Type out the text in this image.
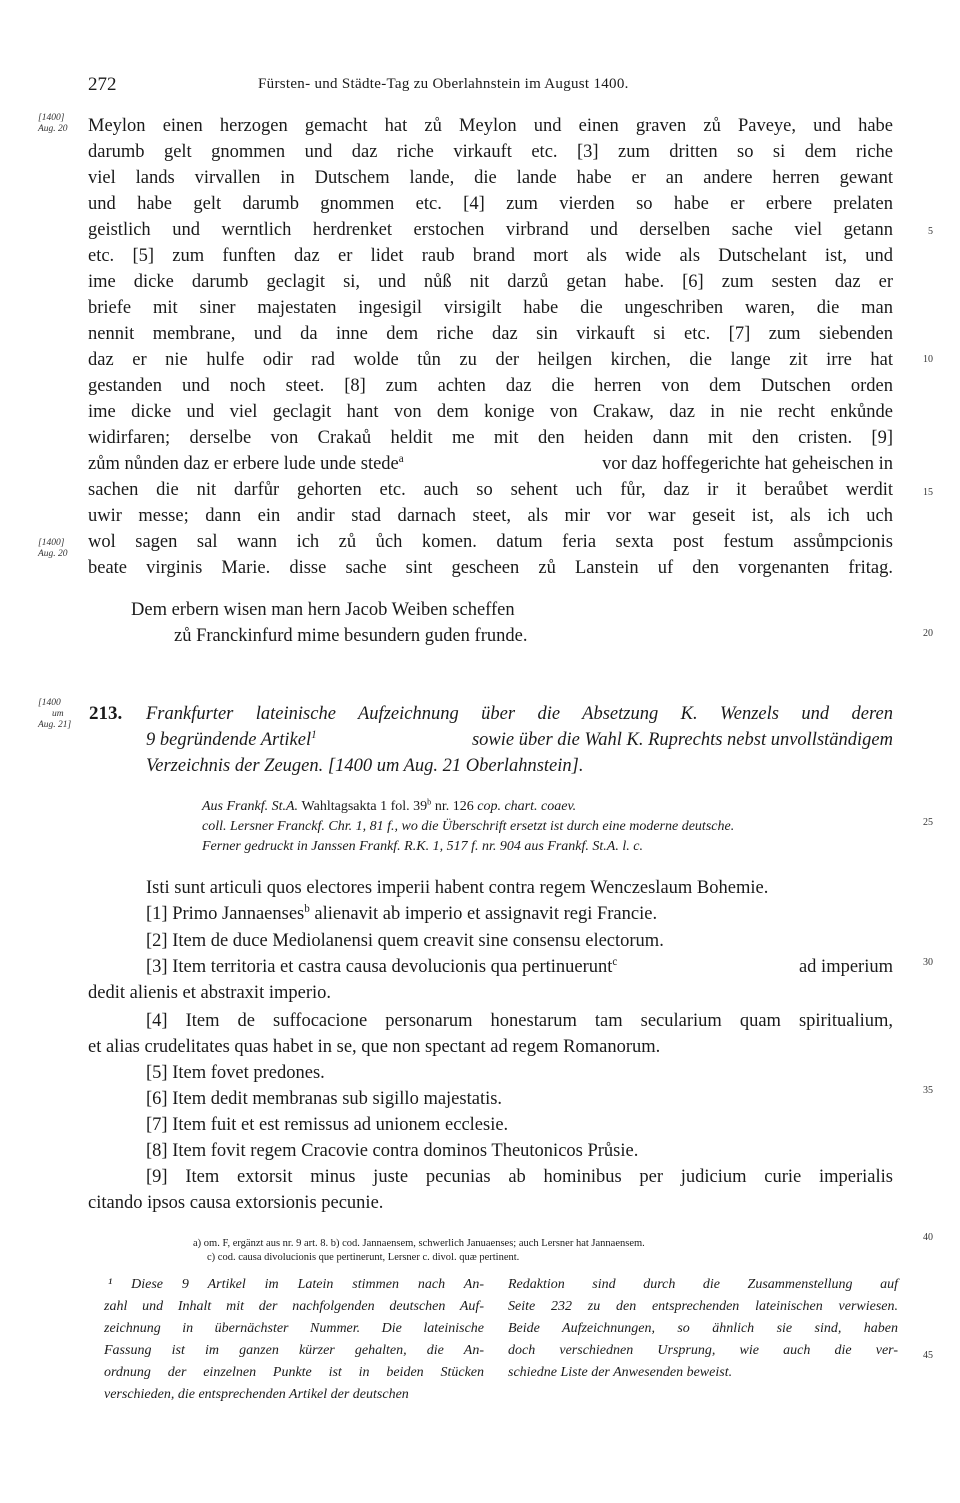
272	Fürsten- und Städte-Tag zu Oberlahnstein im August 1400.
[1400]
Aug. 20
[1400]
Aug. 20
[1400
um
Aug. 21]
5
10
15
20
25
30
35
40
45
Meylon einen herzogen gemacht hat zů Meylon und einen graven zů Paveye, und habe
darumb gelt gnommen und daz riche virkauft etc. [3] zum dritten so si dem riche
viel lands virvallen in Dutschem lande, die lande habe er an andere herren gewant
und habe gelt darumb gnommen etc. [4] zum vierden so habe er erbere prelaten
geistlich und werntlich herdrenket erstochen virbrand und derselben sache viel getann
etc. [5] zum funften daz er lidet raub brand mort als wide als Dutschelant ist, und
ime dicke darumb geclagit si, und nůß nit darzů getan habe. [6] zum sesten daz er
briefe mit siner majestaten ingesigil virsigilt habe die ungeschriben waren, die man
nennit membrane, und da inne dem riche daz sin virkauft si etc. [7] zum siebenden
daz er nie hulfe odir rad wolde tůn zu der heilgen kirchen, die lange zit irre hat
gestanden und noch steet. [8] zum achten daz die herren von dem Dutschen orden
ime dicke und viel geclagit hant von dem konige von Crakaw, daz in nie recht enkůnde
widirfaren; derselbe von Crakaů heldit me mit den heiden dann mit den cristen. [9]
zům nůnden daz er erbere lude unde stede$^a$	vor daz hoffegerichte hat geheischen in
sachen die nit darfůr gehorten etc. auch so sehent uch fůr, daz ir it beraůbet werdit
uwir messe; dann ein andir stad darnach steet, als mir vor war geseit ist, als ich uch
wol sagen sal wann ich zů ůch komen. datum feria sexta post festum assůmpcionis
beate virginis Marie. disse sache sint gescheen zů Lanstein uf den vorgenanten fritag.
Dem erbern wisen man hern Jacob Weiben scheffen
zů Franckinfurd mime besundern guden frunde.
213. Frankfurter lateinische Aufzeichnung über die Absetzung K. Wenzels und deren
9 begründende Artikel$^1$	sowie über die Wahl K. Ruprechts nebst unvollständigem
Verzeichnis der Zeugen. [1400 um Aug. 21 Oberlahnstein].
Aus Frankf. St.A. Wahltagsakta 1 fol. 39$^b$ nr. 126 cop. chart. coaev.
coll. Lersner Franckf. Chr. 1, 81 f., wo die Überschrift ersetzt ist durch eine moderne deutsche.
Ferner gedruckt in Janssen Frankf. R.K. 1, 517 f. nr. 904 aus Frankf. St.A. l. c.
Isti sunt articuli quos electores imperii habent contra regem Wenczeslaum Bohemie.
[1] Primo Jannaenses$^b$ alienavit ab imperio et assignavit regi Francie.
[2] Item de duce Mediolanensi quem creavit sine consensu electorum.
[3] Item territoria et castra causa devolucionis qua pertinuerunt$^c$	ad imperium
dedit alienis et abstraxit imperio.
[4] Item de suffocacione personarum honestarum tam secularium quam spiritualium,
et alias crudelitates quas habet in se, que non spectant ad regem Romanorum.
[5] Item fovet predones.
[6] Item dedit membranas sub sigillo majestatis.
[7] Item fuit et est remissus ad unionem ecclesie.
[8] Item fovit regem Cracovie contra dominos Theutonicos Průsie.
[9] Item extorsit minus juste pecunias ab hominibus per judicium curie imperialis
citando ipsos causa extorsionis pecunie.
a) om. F, ergänzt aus nr. 9 art. 8. b) cod. Jannaensem, schwerlich Januaenses; auch Lersner hat Jannaensem.
c) cod. causa divolucionis que pertinerunt, Lersner c. divol. quæ pertinent.
¹ Diese 9 Artikel im Latein stimmen nach An-
zahl und Inhalt mit der nachfolgenden deutschen Auf-
zeichnung in übernächster Nummer. Die lateinische
Fassung ist im ganzen kürzer gehalten, die An-
ordnung der einzelnen Punkte ist in beiden Stücken
verschieden, die entsprechenden Artikel der deutschen
Redaktion sind durch die Zusammenstellung auf
Seite 232 zu den entsprechenden lateinischen verwiesen.
Beide Aufzeichnungen, so ähnlich sie sind, haben
doch verschiednen Ursprung, wie auch die ver-
schiedne Liste der Anwesenden beweist.
